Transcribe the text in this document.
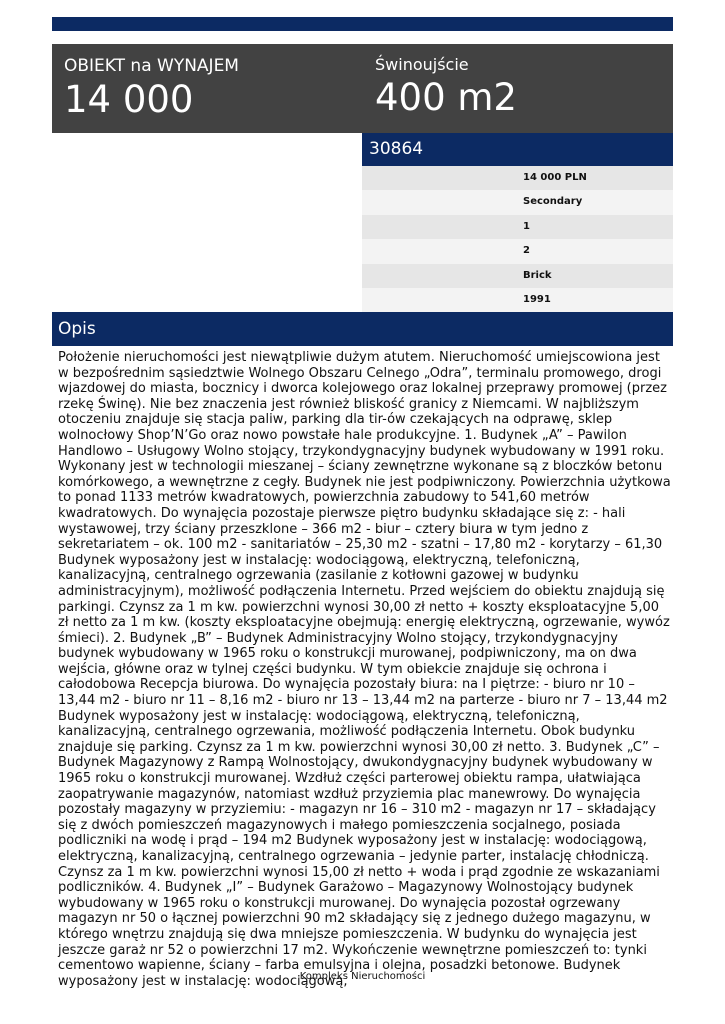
OBIEKT na WYNAJEM
14 000
Świnoujście
400 m2
30864
14 000 PLN
Secondary
1
2
Brick
1991
Opis
Położenie nieruchomości jest niewątpliwie dużym atutem. Nieruchomość umiejscowiona jest w bezpośrednim sąsiedztwie Wolnego Obszaru Celnego „Odra”, terminalu promowego, drogi wjazdowej do miasta, bocznicy i dworca kolejowego oraz lokalnej przeprawy promowej (przez rzekę Świnę). Nie bez znaczenia jest również bliskość granicy z Niemcami. W najbliższym otoczeniu znajduje się stacja paliw, parking dla tir-ów czekających na odprawę, sklep wolnocłowy Shop’N’Go oraz nowo powstałe hale produkcyjne. 1. Budynek „A” – Pawilon Handlowo – Usługowy Wolno stojący, trzykondygnacyjny budynek wybudowany w 1991 roku. Wykonany jest w technologii mieszanej – ściany zewnętrzne wykonane są z bloczków betonu komórkowego, a wewnętrzne z cegły. Budynek nie jest podpiwniczony. Powierzchnia użytkowa to ponad 1133 metrów kwadratowych, powierzchnia zabudowy to 541,60 metrów kwadratowych. Do wynajęcia pozostaje pierwsze piętro budynku składające się z: - hali wystawowej, trzy ściany przeszklone – 366 m2 - biur – cztery biura w tym jedno z sekretariatem – ok. 100 m2 - sanitariatów – 25,30 m2 - szatni – 17,80 m2 - korytarzy – 61,30 Budynek wyposażony jest w instalację: wodociągową, elektryczną, telefoniczną, kanalizacyjną, centralnego ogrzewania (zasilanie z kotłowni gazowej w budynku administracyjnym), możliwość podłączenia Internetu. Przed wejściem do obiektu znajdują się parkingi. Czynsz za 1 m kw. powierzchni wynosi 30,00 zł netto + koszty eksploatacyjne 5,00 zł netto za 1 m kw. (koszty eksploatacyjne obejmują: energię elektryczną, ogrzewanie, wywóz śmieci). 2. Budynek „B” – Budynek Administracyjny Wolno stojący, trzykondygnacyjny budynek wybudowany w 1965 roku o konstrukcji murowanej, podpiwniczony, ma on dwa wejścia, główne oraz w tylnej części budynku. W tym obiekcie znajduje się ochrona i całodobowa Recepcja biurowa. Do wynajęcia pozostały biura: na I piętrze: - biuro nr 10 – 13,44 m2 - biuro nr 11 – 8,16 m2 - biuro nr 13 – 13,44 m2 na parterze - biuro nr 7 – 13,44 m2 Budynek wyposażony jest w instalację: wodociągową, elektryczną, telefoniczną, kanalizacyjną, centralnego ogrzewania, możliwość podłączenia Internetu. Obok budynku znajduje się parking. Czynsz za 1 m kw. powierzchni wynosi 30,00 zł netto. 3. Budynek „C” – Budynek Magazynowy z Rampą Wolnostojący, dwukondygnacyjny budynek wybudowany w 1965 roku o konstrukcji murowanej. Wzdłuż części parterowej obiektu rampa, ułatwiająca zaopatrywanie magazynów, natomiast wzdłuż przyziemia plac manewrowy. Do wynajęcia pozostały magazyny w przyziemiu: - magazyn nr 16 – 310 m2 - magazyn nr 17 – składający się z dwóch pomieszczeń magazynowych i małego pomieszczenia socjalnego, posiada podliczniki na wodę i prąd – 194 m2 Budynek wyposażony jest w instalację: wodociągową, elektryczną, kanalizacyjną, centralnego ogrzewania – jedynie parter, instalację chłodniczą. Czynsz za 1 m kw. powierzchni wynosi 15,00 zł netto + woda i prąd zgodnie ze wskazaniami podliczników. 4. Budynek „I” – Budynek Garażowo – Magazynowy Wolnostojący budynek wybudowany w 1965 roku o konstrukcji murowanej. Do wynajęcia pozostał ogrzewany magazyn nr 50 o łącznej powierzchni 90 m2 składający się z jednego dużego magazynu, w którego wnętrzu znajdują się dwa mniejsze pomieszczenia. W budynku do wynajęcia jest jeszcze garaż nr 52 o powierzchni 17 m2. Wykończenie wewnętrzne pomieszczeń to: tynki cementowo wapienne, ściany – farba emulsyjna i olejna, posadzki betonowe. Budynek wyposażony jest w instalację: wodociągową,
Kompleks Nieruchomości
